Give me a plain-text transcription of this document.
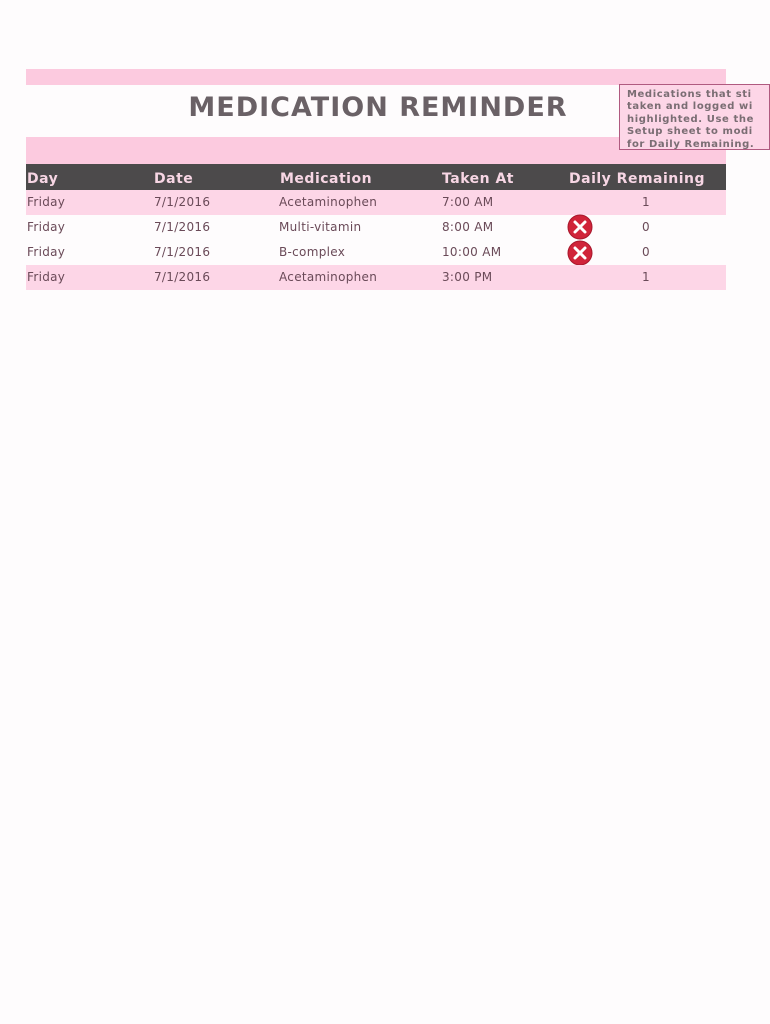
MEDICATION REMINDER
Day	Date	Medication	Taken At	Daily Remaining
Friday	7/1/2016	Acetaminophen	7:00 AM	1
Friday	7/1/2016	Multi-vitamin	8:00 AM	0
Friday	7/1/2016	B-complex	10:00 AM	0
Friday	7/1/2016	Acetaminophen	3:00 PM	1
Medications that sti
taken and logged wi
highlighted. Use the
Setup sheet to modi
for Daily Remaining.
